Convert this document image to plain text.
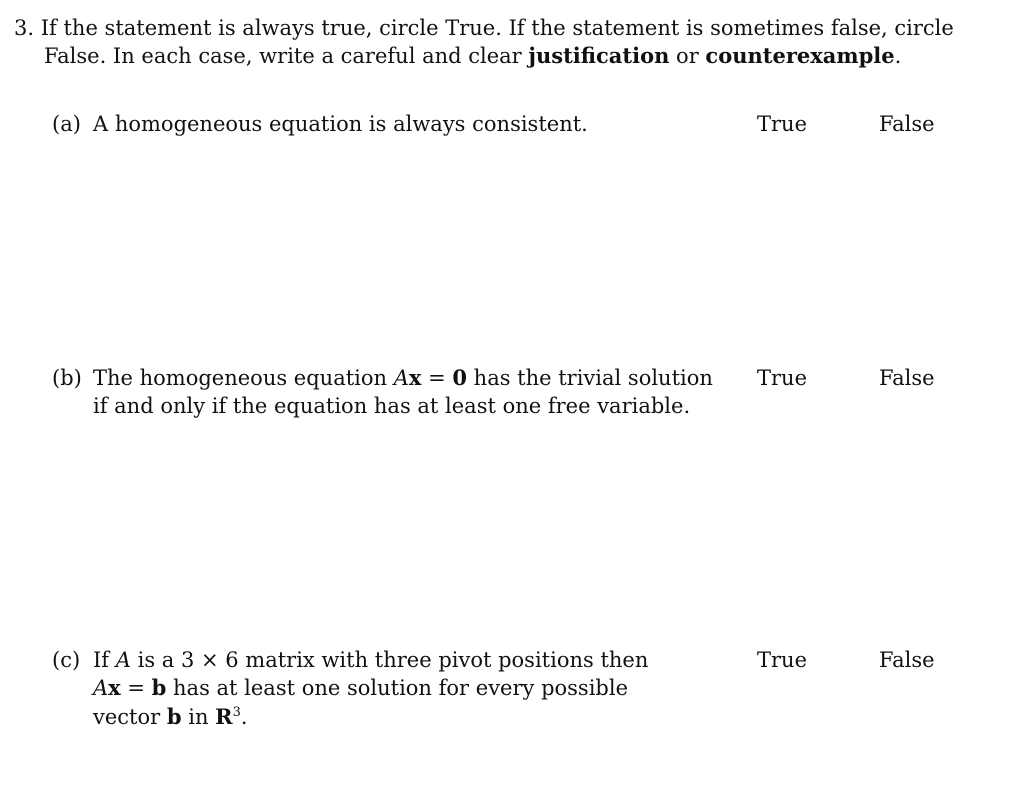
3. If the statement is always true, circle True. If the statement is sometimes false, circle
False. In each case, write a careful and clear justification or counterexample.
(a) A homogeneous equation is always consistent.	True	False
(b) The homogeneous equation Ax = 0 has the trivial solution
if and only if the equation has at least one free variable.
True	False
(c) If A is a 3 × 6 matrix with three pivot positions then
Ax = b has at least one solution for every possible
vector b in $R^3$.
True	False
